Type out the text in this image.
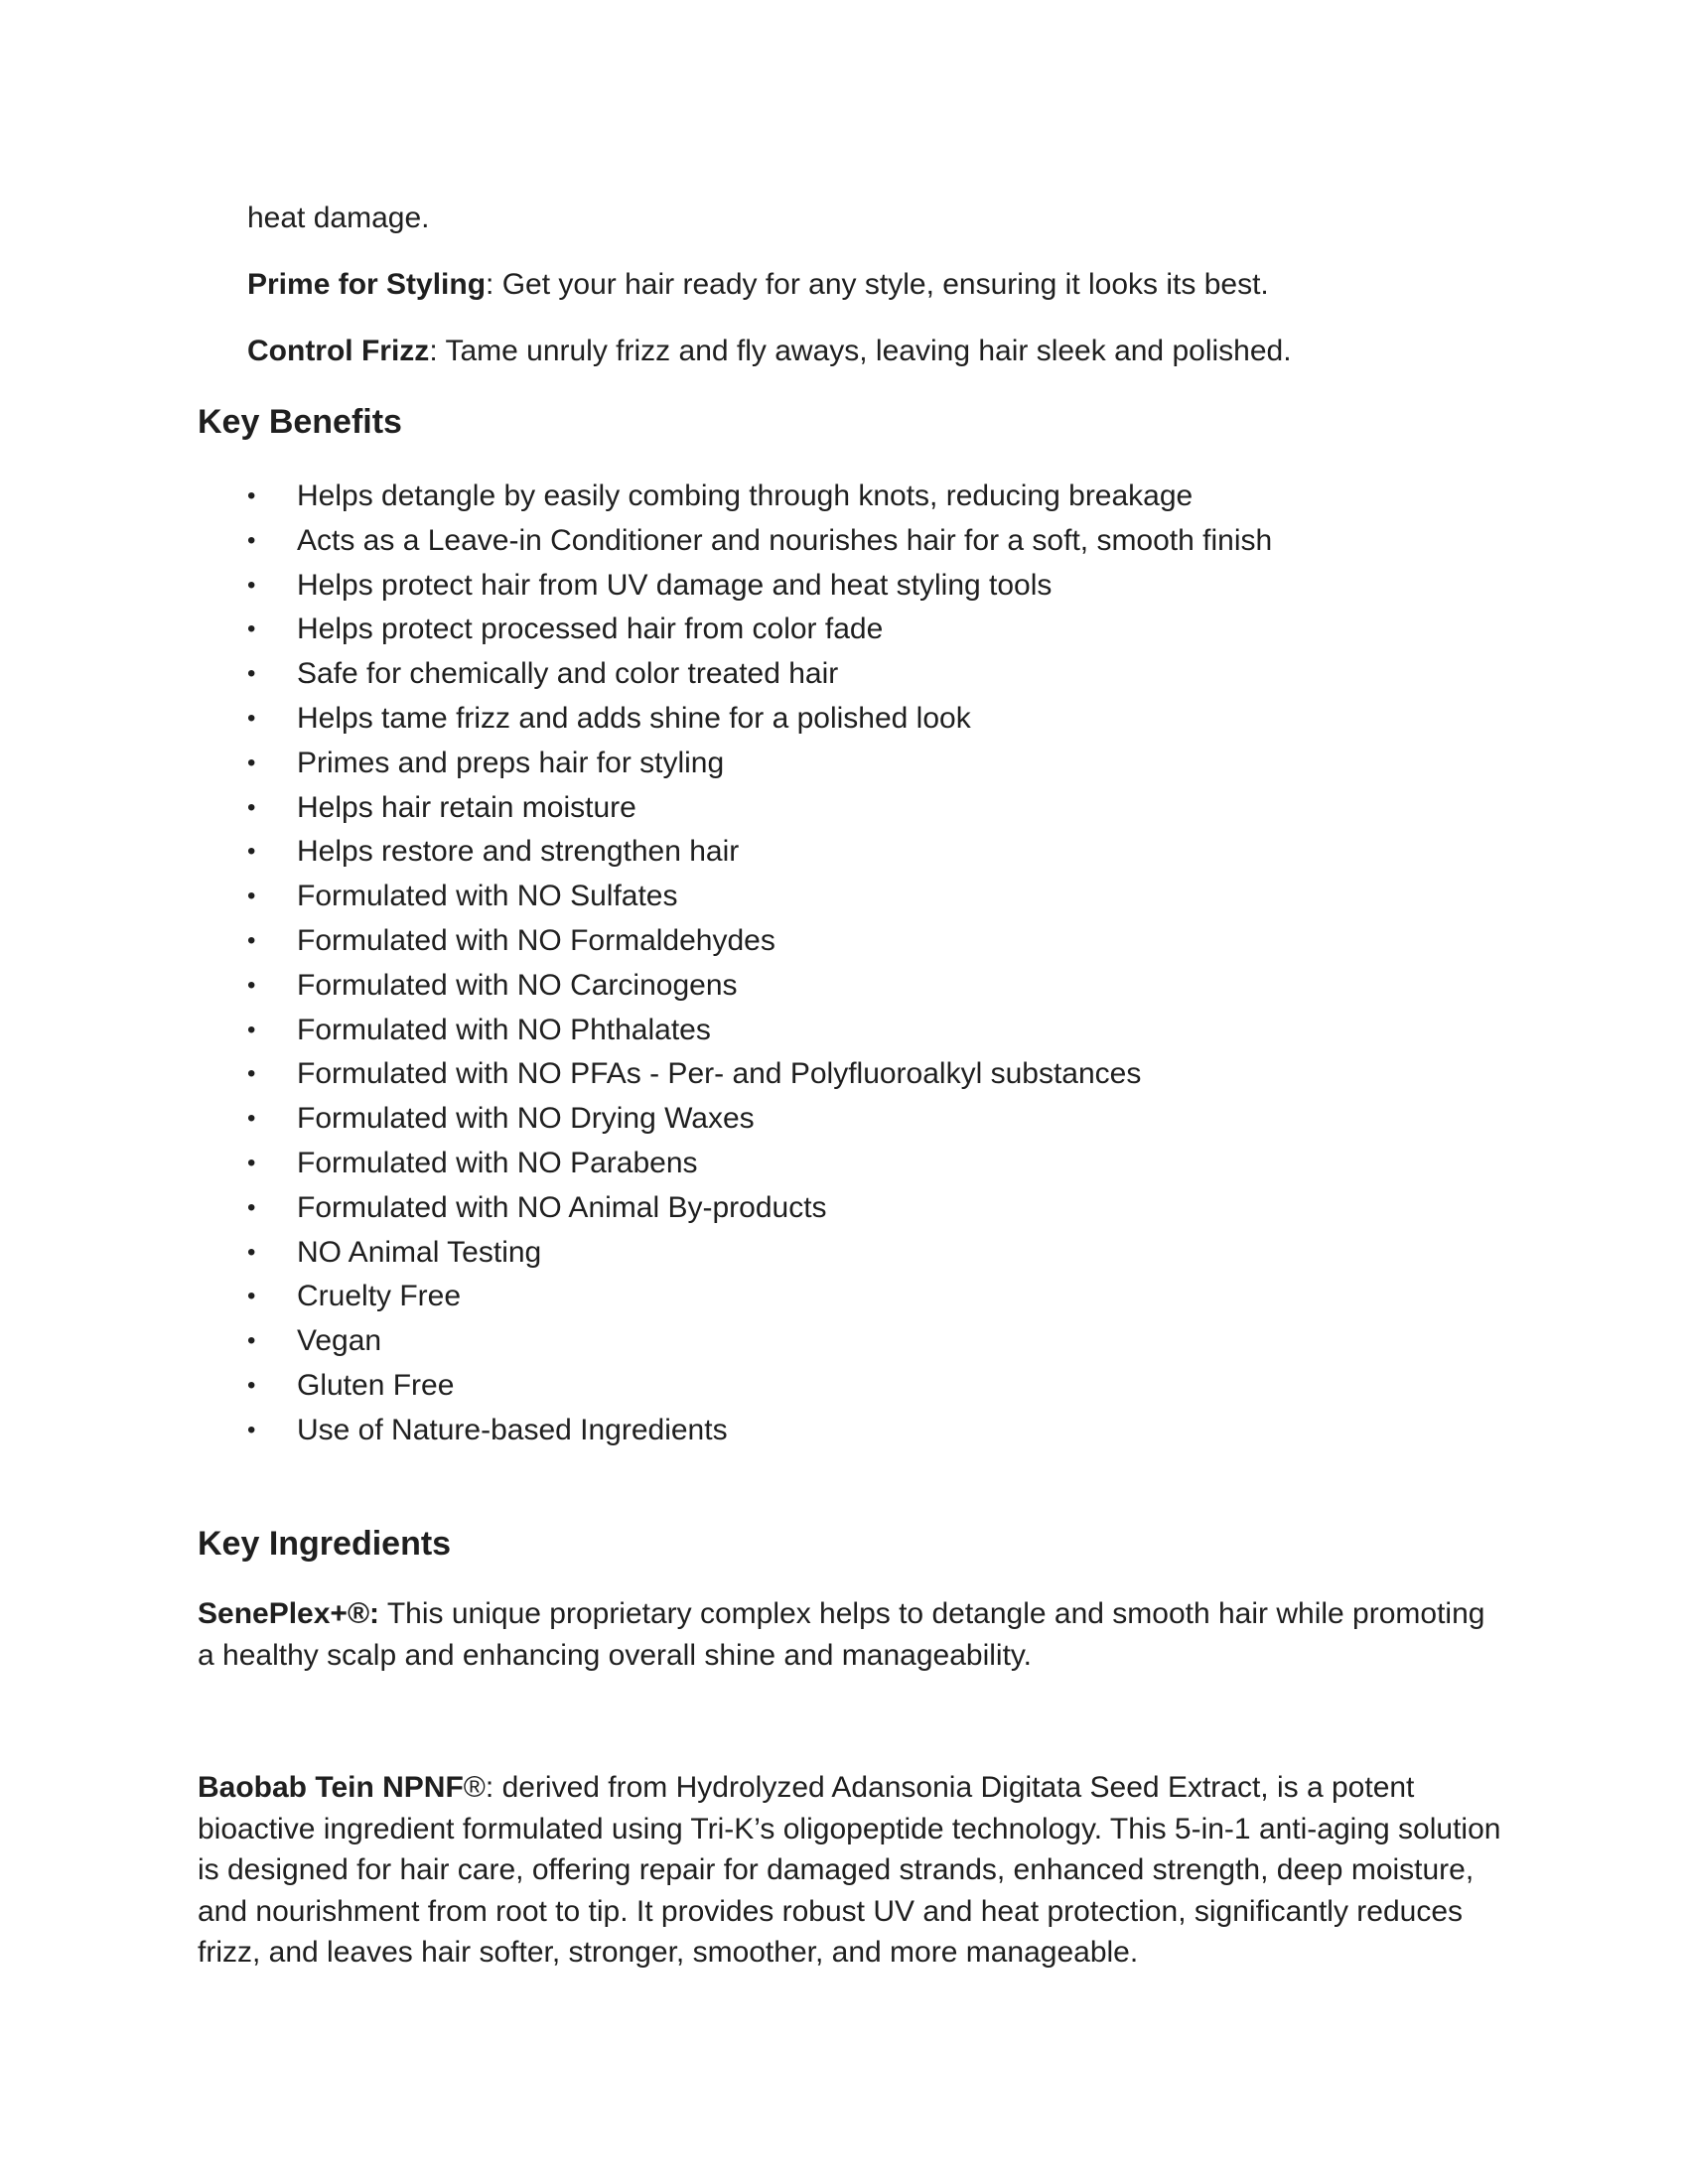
heat damage.

Prime for Styling: Get your hair ready for any style, ensuring it looks its best.

Control Frizz: Tame unruly frizz and fly aways, leaving hair sleek and polished.

Key Benefits
• Helps detangle by easily combing through knots, reducing breakage
• Acts as a Leave-in Conditioner and nourishes hair for a soft, smooth finish
• Helps protect hair from UV damage and heat styling tools
• Helps protect processed hair from color fade
• Safe for chemically and color treated hair
• Helps tame frizz and adds shine for a polished look
• Primes and preps hair for styling
• Helps hair retain moisture
• Helps restore and strengthen hair
• Formulated with NO Sulfates
• Formulated with NO Formaldehydes
• Formulated with NO Carcinogens
• Formulated with NO Phthalates
• Formulated with NO PFAs - Per- and Polyfluoroalkyl substances
• Formulated with NO Drying Waxes
• Formulated with NO Parabens
• Formulated with NO Animal By-products
• NO Animal Testing
• Cruelty Free
• Vegan
• Gluten Free
• Use of Nature-based Ingredients
Key Ingredients

SenePlex+®: This unique proprietary complex helps to detangle and smooth hair while promoting a healthy scalp and enhancing overall shine and manageability.

Baobab Tein NPNF®: derived from Hydrolyzed Adansonia Digitata Seed Extract, is a potent bioactive ingredient formulated using Tri-K’s oligopeptide technology. This 5-in-1 anti-aging solution is designed for hair care, offering repair for damaged strands, enhanced strength, deep moisture, and nourishment from root to tip. It provides robust UV and heat protection, significantly reduces frizz, and leaves hair softer, stronger, smoother, and more manageable.
